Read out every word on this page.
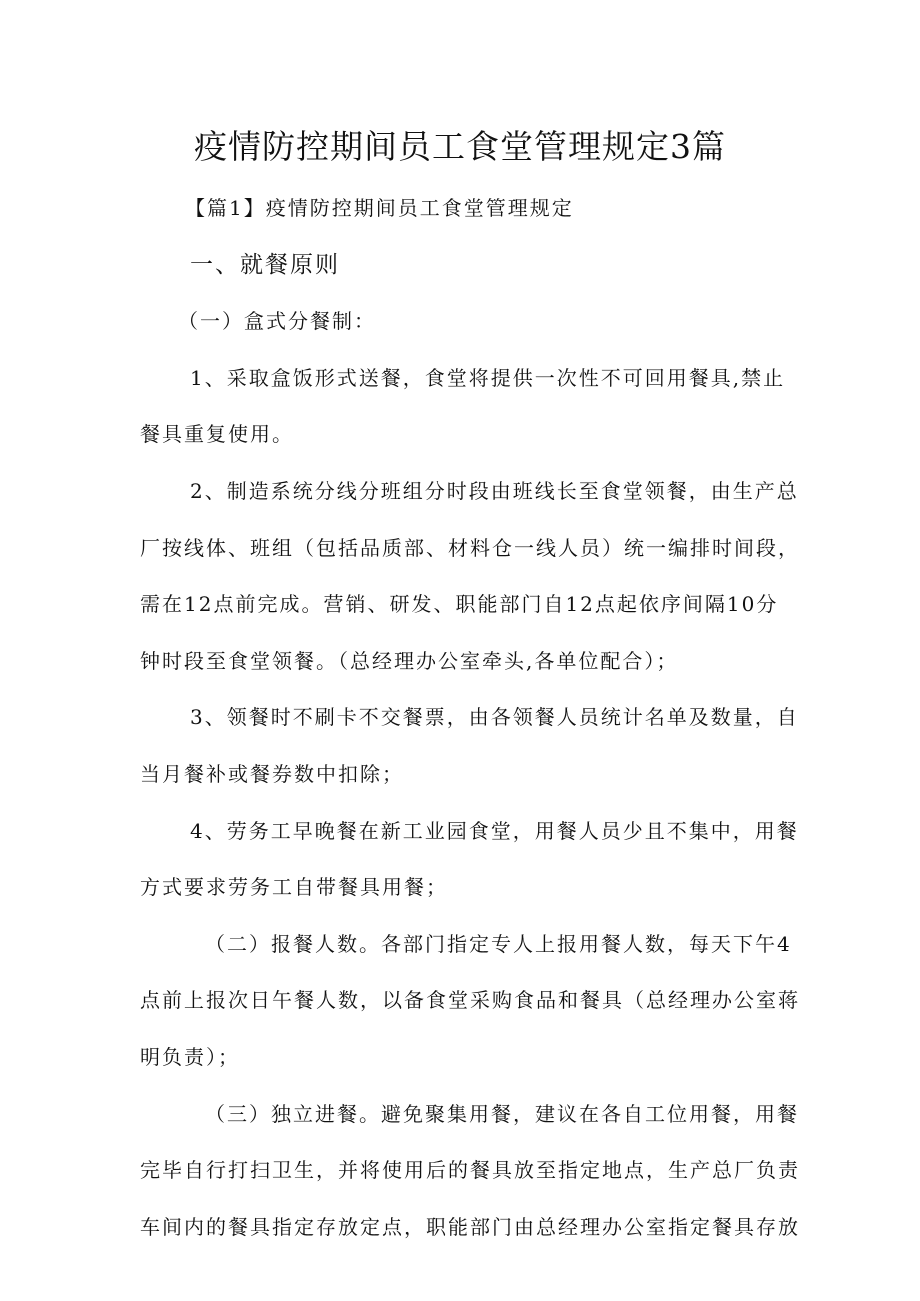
疫情防控期间员工食堂管理规定3篇
【篇1】疫情防控期间员工食堂管理规定
一、就餐原则
（一）盒式分餐制：
1、采取盒饭形式送餐，食堂将提供一次性不可回用餐具,禁止
餐具重复使用。
2、制造系统分线分班组分时段由班线长至食堂领餐，由生产总
厂按线体、班组（包括品质部、材料仓一线人员）统一编排时间段，
需在12点前完成。营销、研发、职能部门自12点起依序间隔10分
钟时段至食堂领餐。（总经理办公室牵头,各单位配合）；
3、领餐时不刷卡不交餐票，由各领餐人员统计名单及数量，自
当月餐补或餐券数中扣除；
4、劳务工早晚餐在新工业园食堂，用餐人员少且不集中，用餐
方式要求劳务工自带餐具用餐；
（二）报餐人数。各部门指定专人上报用餐人数，每天下午4
点前上报次日午餐人数，以备食堂采购食品和餐具（总经理办公室蒋
明负责）；
（三）独立进餐。避免聚集用餐，建议在各自工位用餐，用餐
完毕自行打扫卫生，并将使用后的餐具放至指定地点，生产总厂负责
车间内的餐具指定存放定点，职能部门由总经理办公室指定餐具存放
